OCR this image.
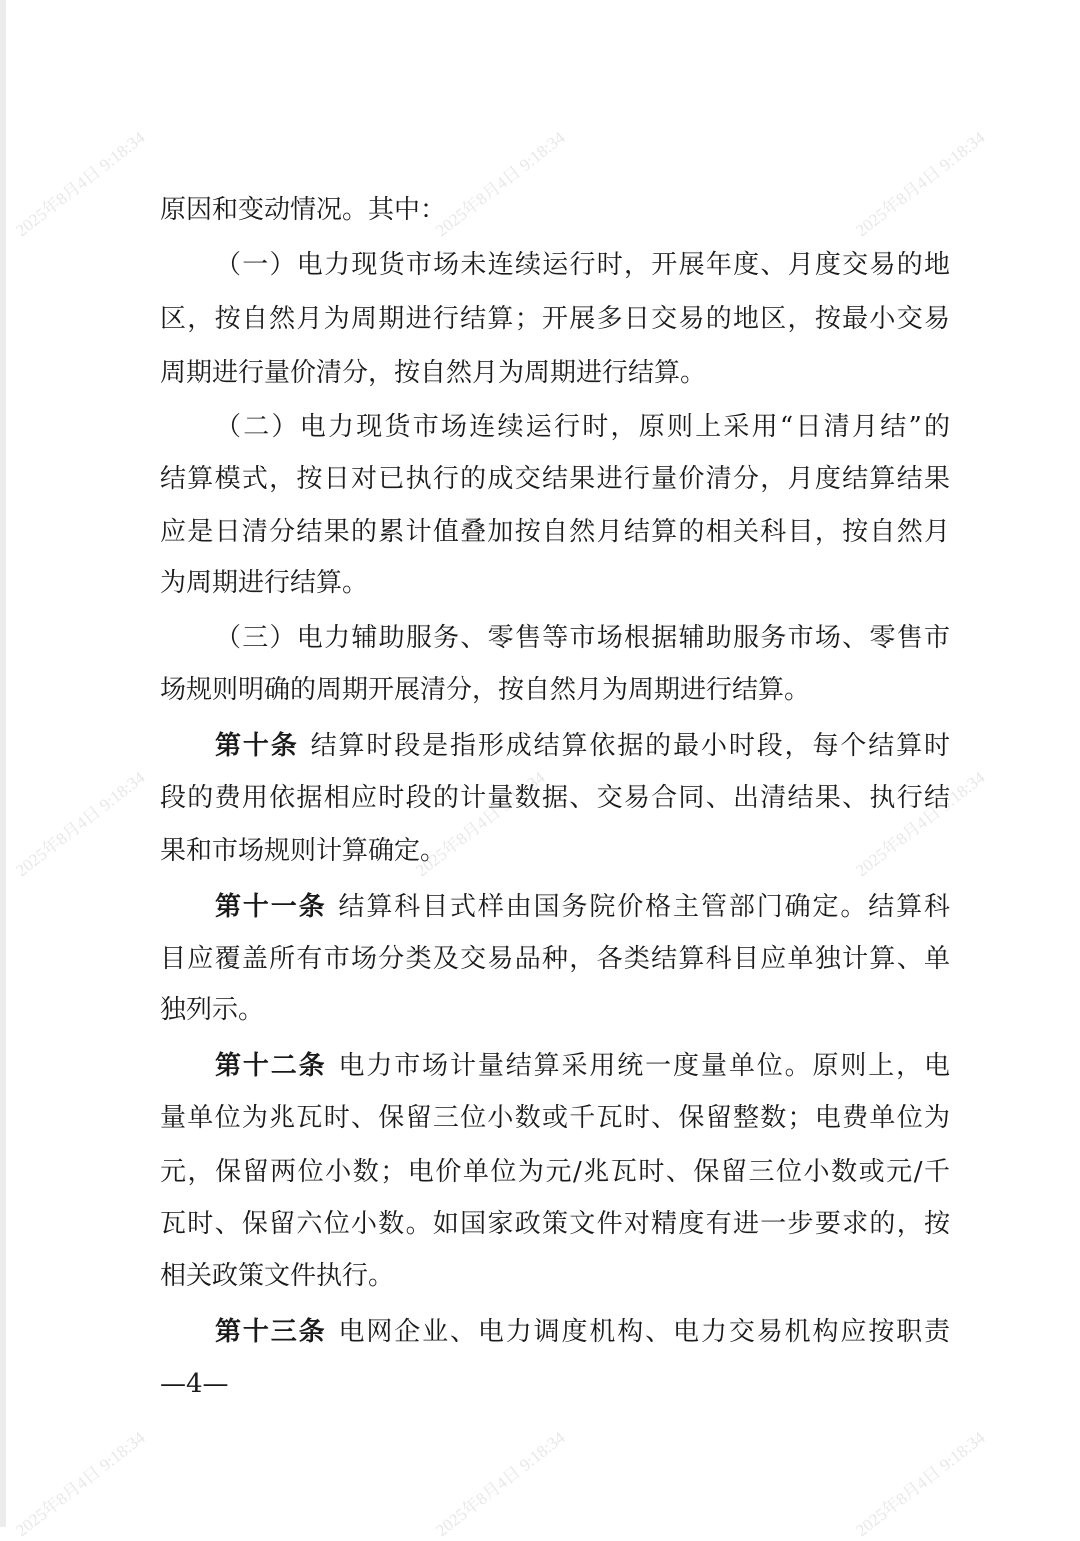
2025年8月4日 9:18:34	2025年8月4日 9:18:34	2025年8月4日 9:18:34
2025年8月4日 9:18:34	2025年8月4日 9:18:34	2025年8月4日 9:18:34
2025年8月4日 9:18:34	2025年8月4日 9:18:34	2025年8月4日 9:18:34
原因和变动情况。其中：
（一）电力现货市场未连续运行时，开展年度、月度交易的地
区，按自然月为周期进行结算；开展多日交易的地区，按最小交易
周期进行量价清分，按自然月为周期进行结算。
（二）电力现货市场连续运行时，原则上采用“日清月结”的
结算模式，按日对已执行的成交结果进行量价清分，月度结算结果
应是日清分结果的累计值叠加按自然月结算的相关科目，按自然月
为周期进行结算。
（三）电力辅助服务、零售等市场根据辅助服务市场、零售市
场规则明确的周期开展清分，按自然月为周期进行结算。
第十条 结算时段是指形成结算依据的最小时段，每个结算时
段的费用依据相应时段的计量数据、交易合同、出清结果、执行结
果和市场规则计算确定。
第十一条 结算科目式样由国务院价格主管部门确定。结算科
目应覆盖所有市场分类及交易品种，各类结算科目应单独计算、单
独列示。
第十二条 电力市场计量结算采用统一度量单位。原则上，电
量单位为兆瓦时、保留三位小数或千瓦时、保留整数；电费单位为
元，保留两位小数；电价单位为元/兆瓦时、保留三位小数或元/千
瓦时、保留六位小数。如国家政策文件对精度有进一步要求的，按
相关政策文件执行。
第十三条 电网企业、电力调度机构、电力交易机构应按职责
—4—
